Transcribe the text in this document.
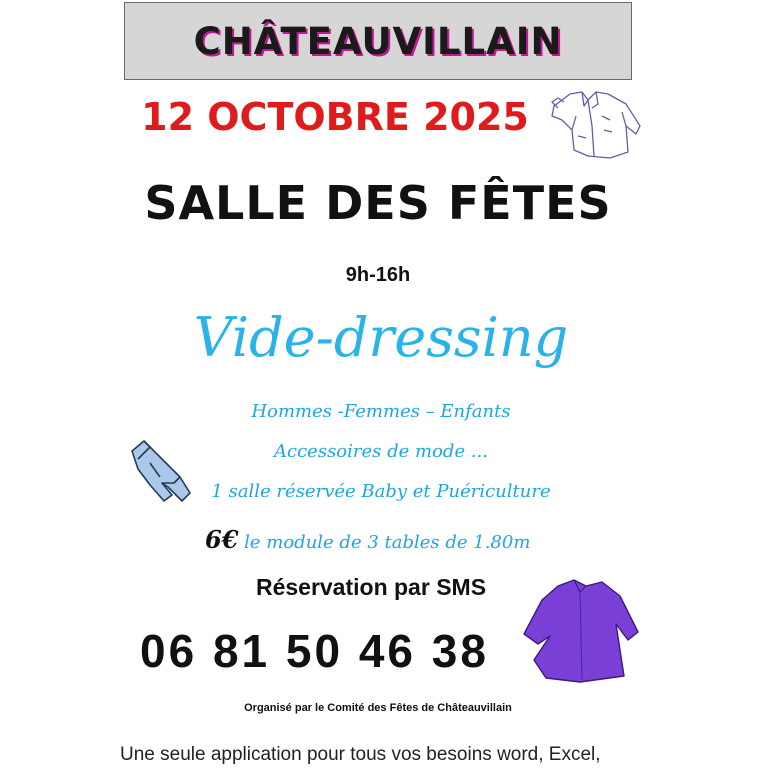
CHÂTEAUVILLAIN
12 OCTOBRE 2025
SALLE DES FÊTES
9h-16h
Vide-dressing
Hommes -Femmes – Enfants
Accessoires de mode ...
1 salle réservée Baby et Puériculture
6€ le module de 3 tables de 1.80m
Réservation par SMS
06 81 50 46 38
Organisé par le Comité des Fêtes de Châteauvillain
Une seule application pour tous vos besoins word, Excel,
